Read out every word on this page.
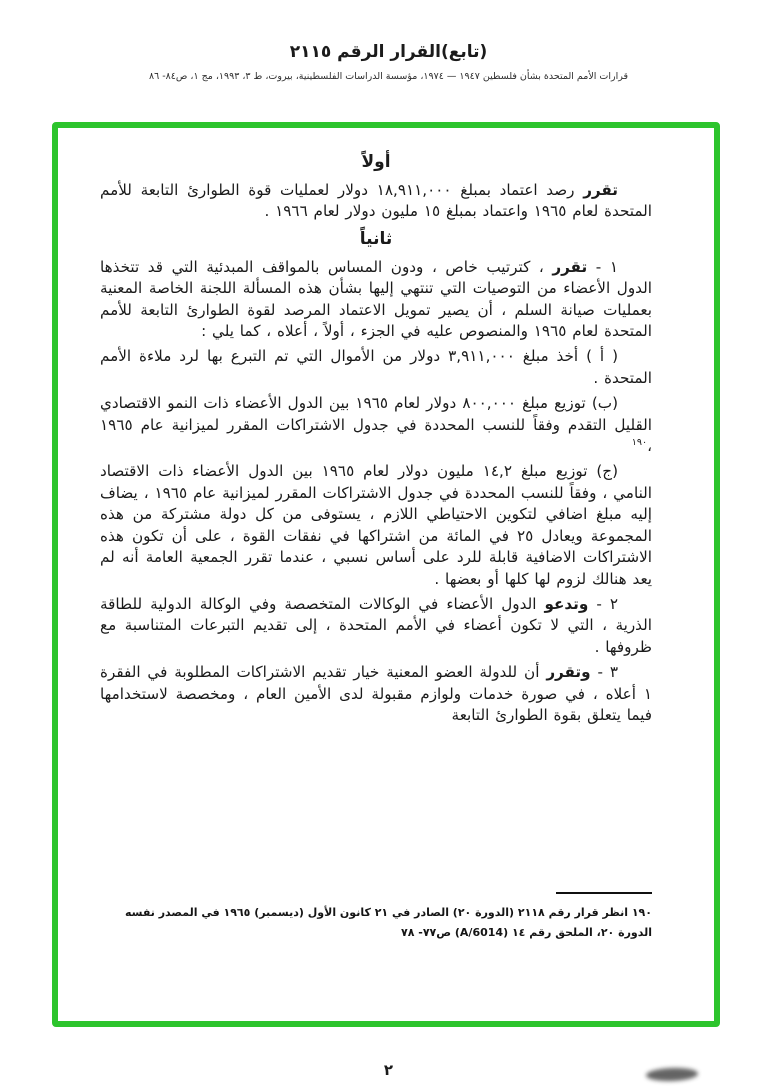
(تابع)القرار الرقم ٢١١٥
قرارات الأمم المتحدة بشأن فلسطين ١٩٤٧ — ١٩٧٤، مؤسسة الدراسات الفلسطينية، بيروت، ط ٣، ١٩٩٣، مج ١، ص٨٤- ٨٦
أولاً

تقرر رصد اعتماد بمبلغ ١٨,٩١١,٠٠٠ دولار لعمليات قوة الطوارئ التابعة للأمم المتحدة لعام ١٩٦٥ واعتماد بمبلغ ١٥ مليون دولار لعام ١٩٦٦ .

ثانياً

١ - تقرر ، كترتيب خاص ، ودون المساس بالمواقف المبدئية التي قد تتخذها الدول الأعضاء من التوصيات التي تنتهي إليها بشأن هذه المسألة اللجنة الخاصة المعنية بعمليات صيانة السلم ، أن يصير تمويل الاعتماد المرصد لقوة الطوارئ التابعة للأمم المتحدة لعام ١٩٦٥ والمنصوص عليه في الجزء ، أولاً ، أعلاه ، كما يلي :

( أ ) أخذ مبلغ ٣,٩١١,٠٠٠ دولار من الأموال التي تم التبرع بها لرد ملاءة الأمم المتحدة .

(ب) توزيع مبلغ ٨٠٠,٠٠٠ دولار لعام ١٩٦٥ بين الدول الأعضاء ذات النمو الاقتصادي القليل التقدم وفقاً للنسب المحددة في جدول الاشتراكات المقرر لميزانية عام ١٩٦٥ ،$^{١٩٠}$

(ج) توزيع مبلغ ١٤,٢ مليون دولار لعام ١٩٦٥ بين الدول الأعضاء ذات الاقتصاد النامي ، وفقاً للنسب المحددة في جدول الاشتراكات المقرر لميزانية عام ١٩٦٥ ، يضاف إليه مبلغ اضافي لتكوين الاحتياطي اللازم ، يستوفى من كل دولة مشتركة من هذه المجموعة ويعادل ٢٥ في المائة من اشتراكها في نفقات القوة ، على أن تكون هذه الاشتراكات الاضافية قابلة للرد على أساس نسبي ، عندما تقرر الجمعية العامة أنه لم يعد هنالك لزوم لها كلها أو بعضها .

٢ - وتدعو الدول الأعضاء في الوكالات المتخصصة وفي الوكالة الدولية للطاقة الذرية ، التي لا تكون أعضاء في الأمم المتحدة ، إلى تقديم التبرعات المتناسبة مع ظروفها .

٣ - وتقرر أن للدولة العضو المعنية خيار تقديم الاشتراكات المطلوبة في الفقرة ١ أعلاه ، في صورة خدمات ولوازم مقبولة لدى الأمين العام ، ومخصصة لاستخدامها فيما يتعلق بقوة الطوارئ التابعة

١٩٠ انظر قرار رقم ٢١١٨ (الدورة ٢٠) الصادر في ٢١ كانون الأول (ديسمبر) ١٩٦٥ في المصدر نفسه
الدورة ٢٠، الملحق رقم ١٤ (A/6014) ص٧٧- ٧٨
٢
